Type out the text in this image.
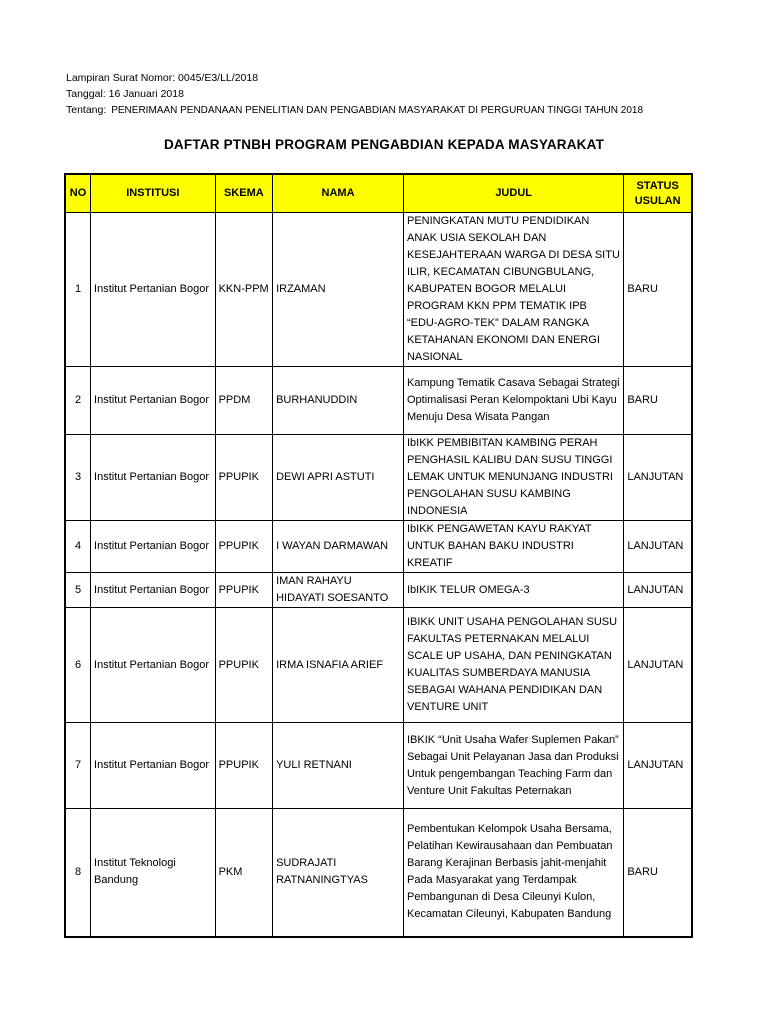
Lampiran Surat Nomor: 0045/E3/LL/2018
Tanggal: 16 Januari 2018
Tentang: PENERIMAAN PENDANAAN PENELITIAN DAN PENGABDIAN MASYARAKAT DI PERGURUAN TINGGI TAHUN 2018
DAFTAR PTNBH PROGRAM PENGABDIAN KEPADA MASYARAKAT
NO	INSTITUSI	SKEMA	NAMA	JUDUL	STATUS USULAN
1	Institut Pertanian Bogor	KKN-PPM	IRZAMAN	PENINGKATAN MUTU PENDIDIKAN ANAK USIA SEKOLAH DAN KESEJAHTERAAN WARGA DI DESA SITU ILIR, KECAMATAN CIBUNGBULANG, KABUPATEN BOGOR MELALUI PROGRAM KKN PPM TEMATIK IPB “EDU-AGRO-TEK” DALAM RANGKA KETAHANAN EKONOMI DAN ENERGI NASIONAL	BARU
2	Institut Pertanian Bogor	PPDM	BURHANUDDIN	Kampung Tematik Casava Sebagai Strategi Optimalisasi Peran Kelompoktani Ubi Kayu Menuju Desa Wisata Pangan	BARU
3	Institut Pertanian Bogor	PPUPIK	DEWI APRI ASTUTI	IbIKK PEMBIBITAN KAMBING PERAH PENGHASIL KALIBU DAN SUSU TINGGI LEMAK UNTUK MENUNJANG INDUSTRI PENGOLAHAN SUSU KAMBING INDONESIA	LANJUTAN
4	Institut Pertanian Bogor	PPUPIK	I WAYAN DARMAWAN	IbIKK PENGAWETAN KAYU RAKYAT UNTUK BAHAN BAKU INDUSTRI KREATIF	LANJUTAN
5	Institut Pertanian Bogor	PPUPIK	IMAN RAHAYU HIDAYATI SOESANTO	IbIKIK TELUR OMEGA-3	LANJUTAN
6	Institut Pertanian Bogor	PPUPIK	IRMA ISNAFIA ARIEF	IBIKK UNIT USAHA PENGOLAHAN SUSU FAKULTAS PETERNAKAN MELALUI SCALE UP USAHA, DAN PENINGKATAN KUALITAS SUMBERDAYA MANUSIA SEBAGAI WAHANA PENDIDIKAN DAN VENTURE UNIT	LANJUTAN
7	Institut Pertanian Bogor	PPUPIK	YULI RETNANI	IBKIK “Unit Usaha Wafer Suplemen Pakan” Sebagai Unit Pelayanan Jasa dan Produksi Untuk pengembangan Teaching Farm dan Venture Unit Fakultas Peternakan	LANJUTAN
8	Institut Teknologi Bandung	PKM	SUDRAJATI RATNANINGTYAS	Pembentukan Kelompok Usaha Bersama, Pelatihan Kewirausahaan dan Pembuatan Barang Kerajinan Berbasis jahit-menjahit Pada Masyarakat yang Terdampak Pembangunan di Desa Cileunyi Kulon, Kecamatan Cileunyi, Kabupaten Bandung	BARU
